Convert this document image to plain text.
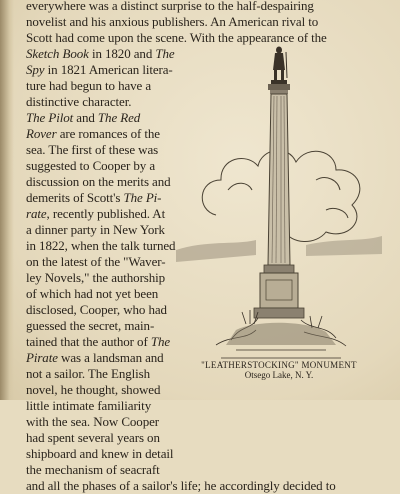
everywhere was a distinct surprise to the half-despairing

novelist and his anxious publishers. An American rival to

Scott had come upon the scene. With the appearance of the

Sketch Book in 1820 and The

Spy in 1821 American litera-

ture had begun to have a

distinctive character.

The Pilot and The Red

Rover are romances of the

sea. The first of these was

suggested to Cooper by a

discussion on the merits and

demerits of Scott's The Pi-

rate, recently published. At

a dinner party in New York

in 1822, when the talk turned

on the latest of the "Waver-

ley Novels," the authorship

of which had not yet been

disclosed, Cooper, who had

guessed the secret, main-

tained that the author of The

Pirate was a landsman and

not a sailor. The English

novel, he thought, showed

little intimate familiarity

with the sea. Now Cooper

had spent several years on

shipboard and knew in detail

the mechanism of seacraft

and all the phases of a sailor's life; he accordingly decided to

"LEATHERSTOCKING" MONUMENT

Otsego Lake, N. Y.
